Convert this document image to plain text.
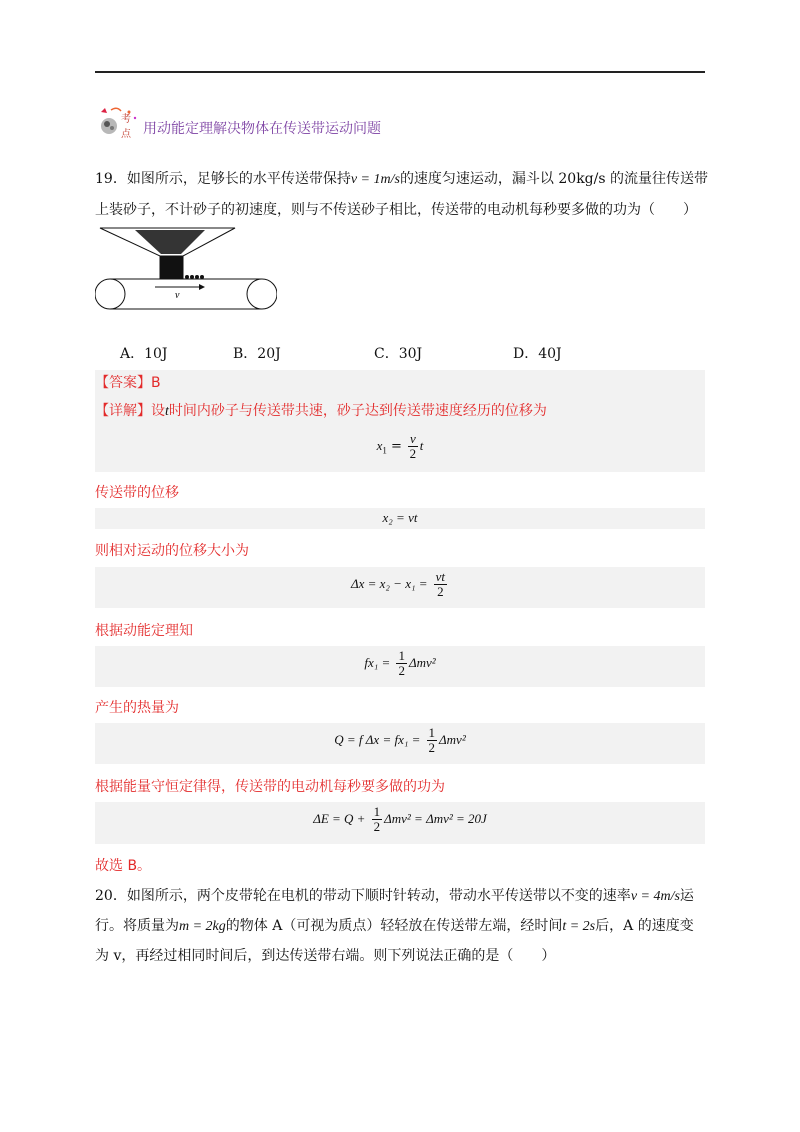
考
点 用动能定理解决物体在传送带运动问题
19．如图所示，足够长的水平传送带保持v = 1m/s的速度匀速运动，漏斗以 20kg/s 的流量往传送带
上装砂子，不计砂子的初速度，则与不传送砂子相比，传送带的电动机每秒要多做的功为（　　）
v
A．10J	B．20J	C．30J	D．40J
【答案】B
【详解】设t时间内砂子与传送带共速，砂子达到传送带速度经历的位移为
$x_1 = \frac{v}{2}$ t
传送带的位移
x₂ = vt
则相对运动的位移大小为
$\Delta x = x_2 - x_1 = \frac{vt}{2}$
根据动能定理知
$fx_1 = \frac{1}{2} \Delta mv^2$
产生的热量为
Q = f $\Delta x = fx_1 = \frac{1}{2} \Delta mv^2$
根据能量守恒定律得，传送带的电动机每秒要多做的功为
$\Delta E = Q + \frac{1}{2} \Delta mv^2 = \Delta mv^2 = 20J$
故选 B。
20．如图所示，两个皮带轮在电机的带动下顺时针转动，带动水平传送带以不变的速率v = 4m/s运
行。将质量为m = 2kg的物体 A（可视为质点）轻轻放在传送带左端，经时间t = 2s后，A 的速度变
为 v，再经过相同时间后，到达传送带右端。则下列说法正确的是（　　）
